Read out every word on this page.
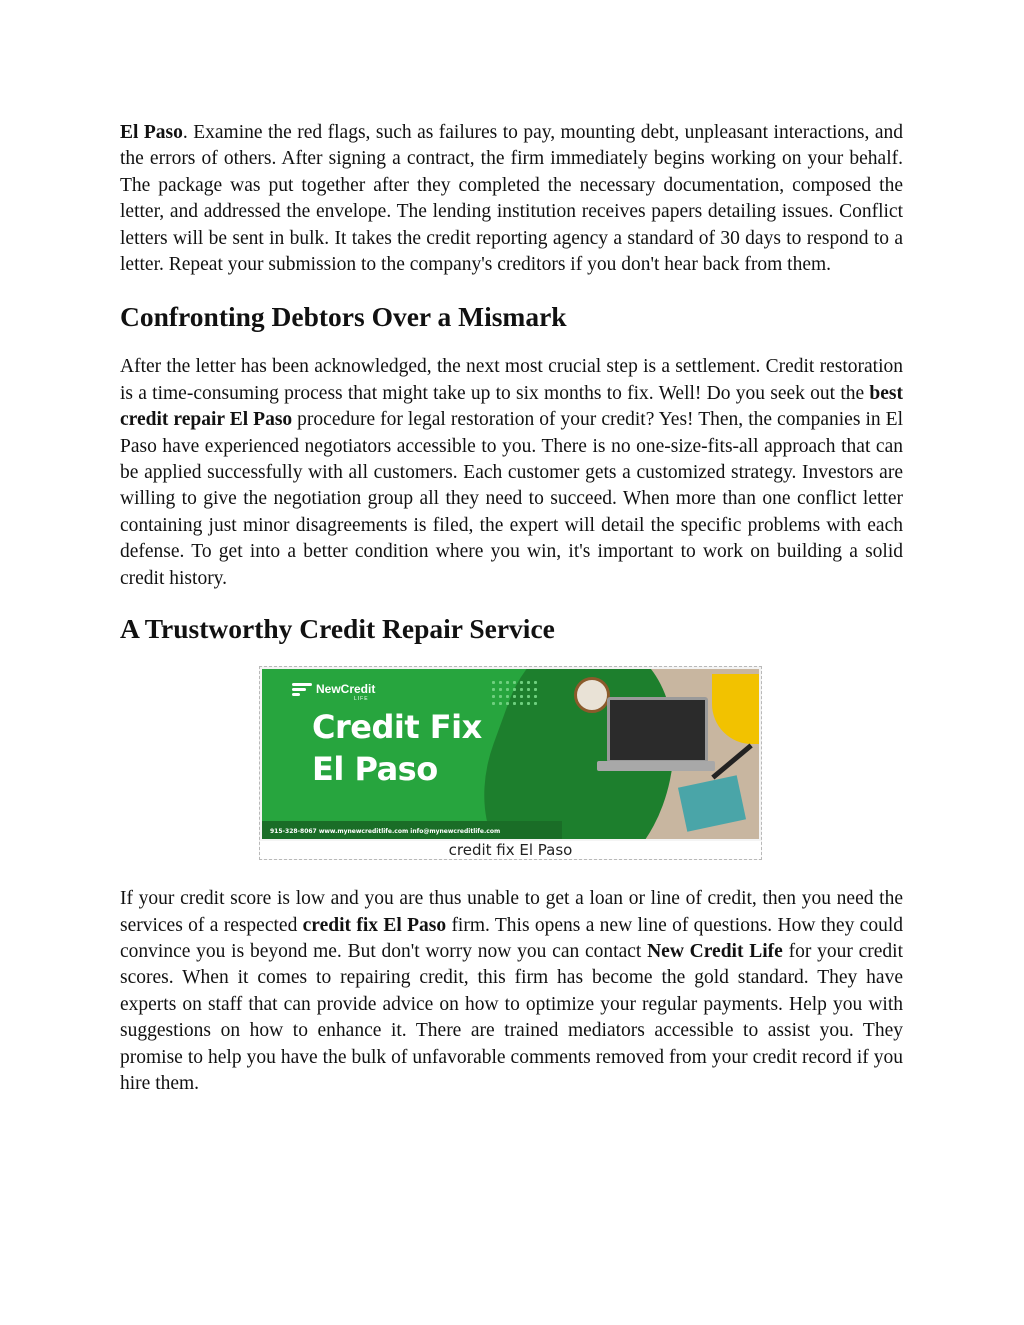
El Paso. Examine the red flags, such as failures to pay, mounting debt, unpleasant interactions, and the errors of others. After signing a contract, the firm immediately begins working on your behalf. The package was put together after they completed the necessary documentation, composed the letter, and addressed the envelope. The lending institution receives papers detailing issues. Conflict letters will be sent in bulk. It takes the credit reporting agency a standard of 30 days to respond to a letter. Repeat your submission to the company's creditors if you don't hear back from them.

Confronting Debtors Over a Mismark

After the letter has been acknowledged, the next most crucial step is a settlement. Credit restoration is a time-consuming process that might take up to six months to fix. Well! Do you seek out the best credit repair El Paso procedure for legal restoration of your credit? Yes! Then, the companies in El Paso have experienced negotiators accessible to you. There is no one-size-fits-all approach that can be applied successfully with all customers. Each customer gets a customized strategy. Investors are willing to give the negotiation group all they need to succeed. When more than one conflict letter containing just minor disagreements is filed, the expert will detail the specific problems with each defense. To get into a better condition where you win, it's important to work on building a solid credit history.

A Trustworthy Credit Repair Service
NewCredit
LIFE
Credit Fix
El Paso
915-328-8067 www.mynewcreditlife.com info@mynewcreditlife.com
credit fix El Paso

If your credit score is low and you are thus unable to get a loan or line of credit, then you need the services of a respected credit fix El Paso firm. This opens a new line of questions. How they could convince you is beyond me. But don't worry now you can contact New Credit Life for your credit scores. When it comes to repairing credit, this firm has become the gold standard. They have experts on staff that can provide advice on how to optimize your regular payments. Help you with suggestions on how to enhance it. There are trained mediators accessible to assist you. They promise to help you have the bulk of unfavorable comments removed from your credit record if you hire them.
